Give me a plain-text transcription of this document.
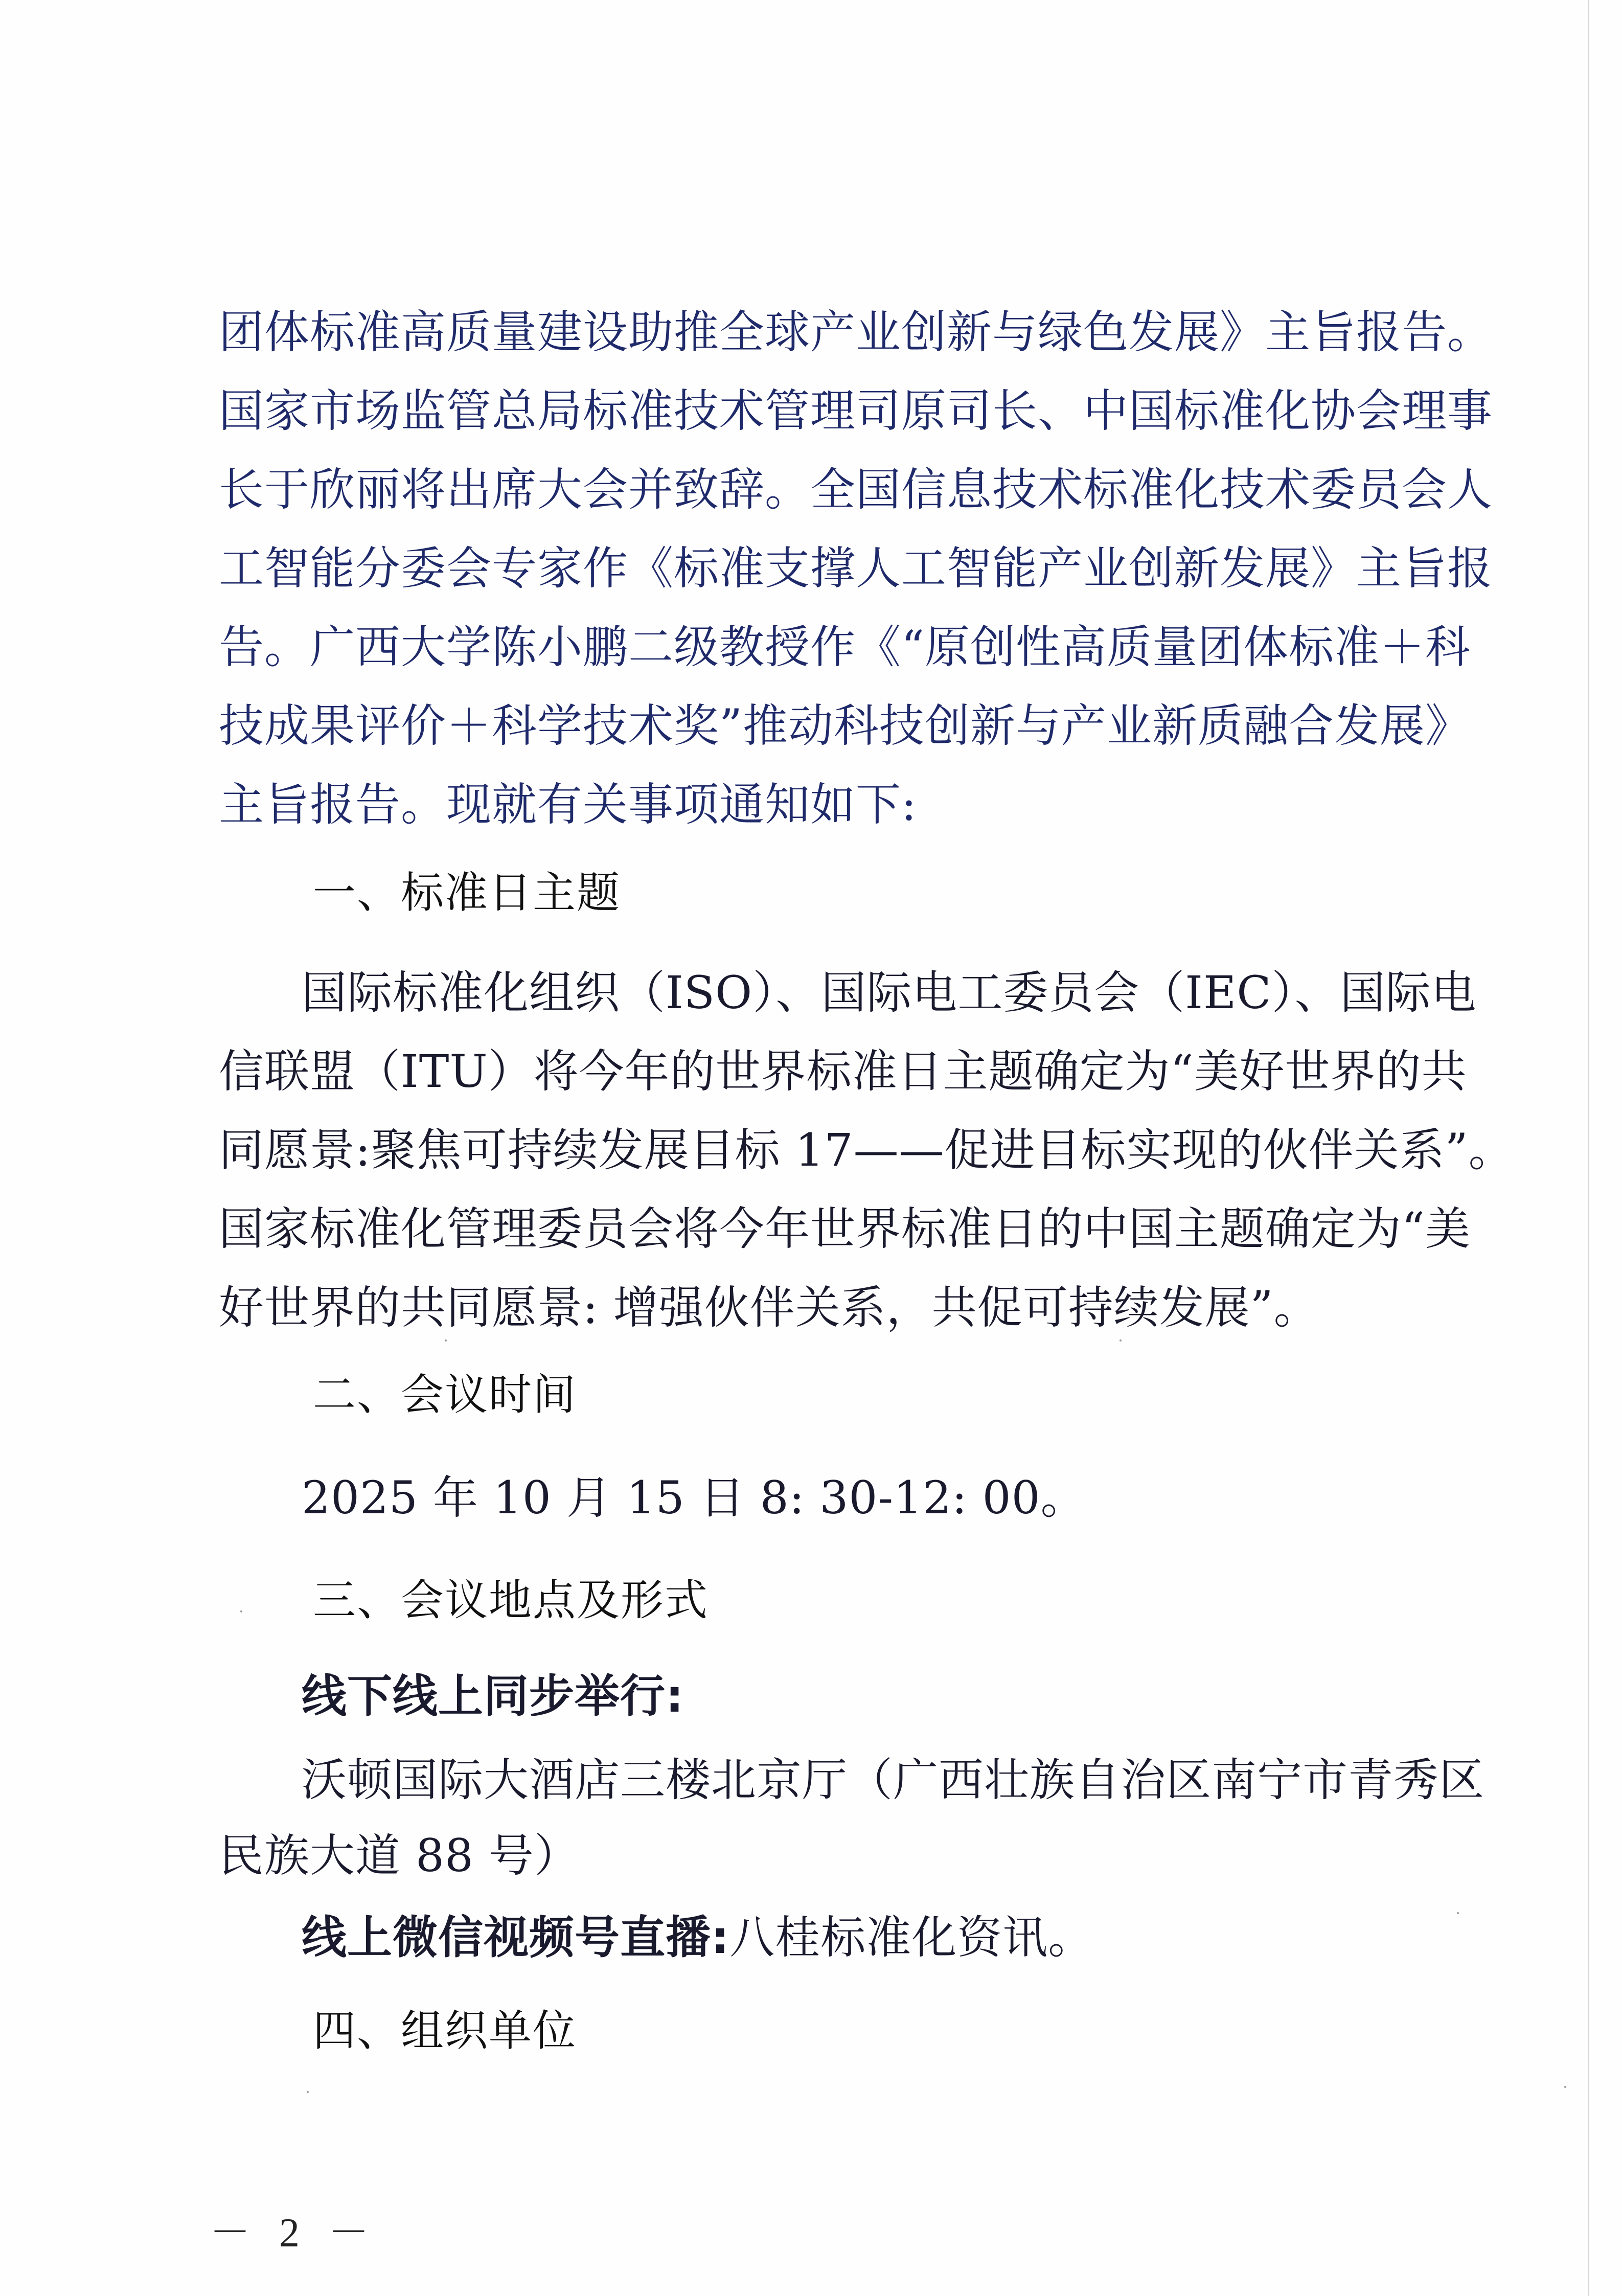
团体标准高质量建设助推全球产业创新与绿色发展》主旨报告。
国家市场监管总局标准技术管理司原司长、中国标准化协会理事
长于欣丽将出席大会并致辞。全国信息技术标准化技术委员会人
工智能分委会专家作《标准支撑人工智能产业创新发展》主旨报
告。广西大学陈小鹏二级教授作《“原创性高质量团体标准＋科
技成果评价＋科学技术奖”推动科技创新与产业新质融合发展》
主旨报告。现就有关事项通知如下:
一、标准日主题
国际标准化组织（ISO）、国际电工委员会（IEC）、国际电
信联盟（ITU）将今年的世界标准日主题确定为“美好世界的共
同愿景:聚焦可持续发展目标 17——促进目标实现的伙伴关系”。
国家标准化管理委员会将今年世界标准日的中国主题确定为“美
好世界的共同愿景: 增强伙伴关系，共促可持续发展”。
二、会议时间
2025 年 10 月 15 日 8: 30-12: 00。
三、会议地点及形式
线下线上同步举行:
沃顿国际大酒店三楼北京厅（广西壮族自治区南宁市青秀区
民族大道 88 号）
线上微信视频号直播:八桂标准化资讯。
四、组织单位
－ 2 －
